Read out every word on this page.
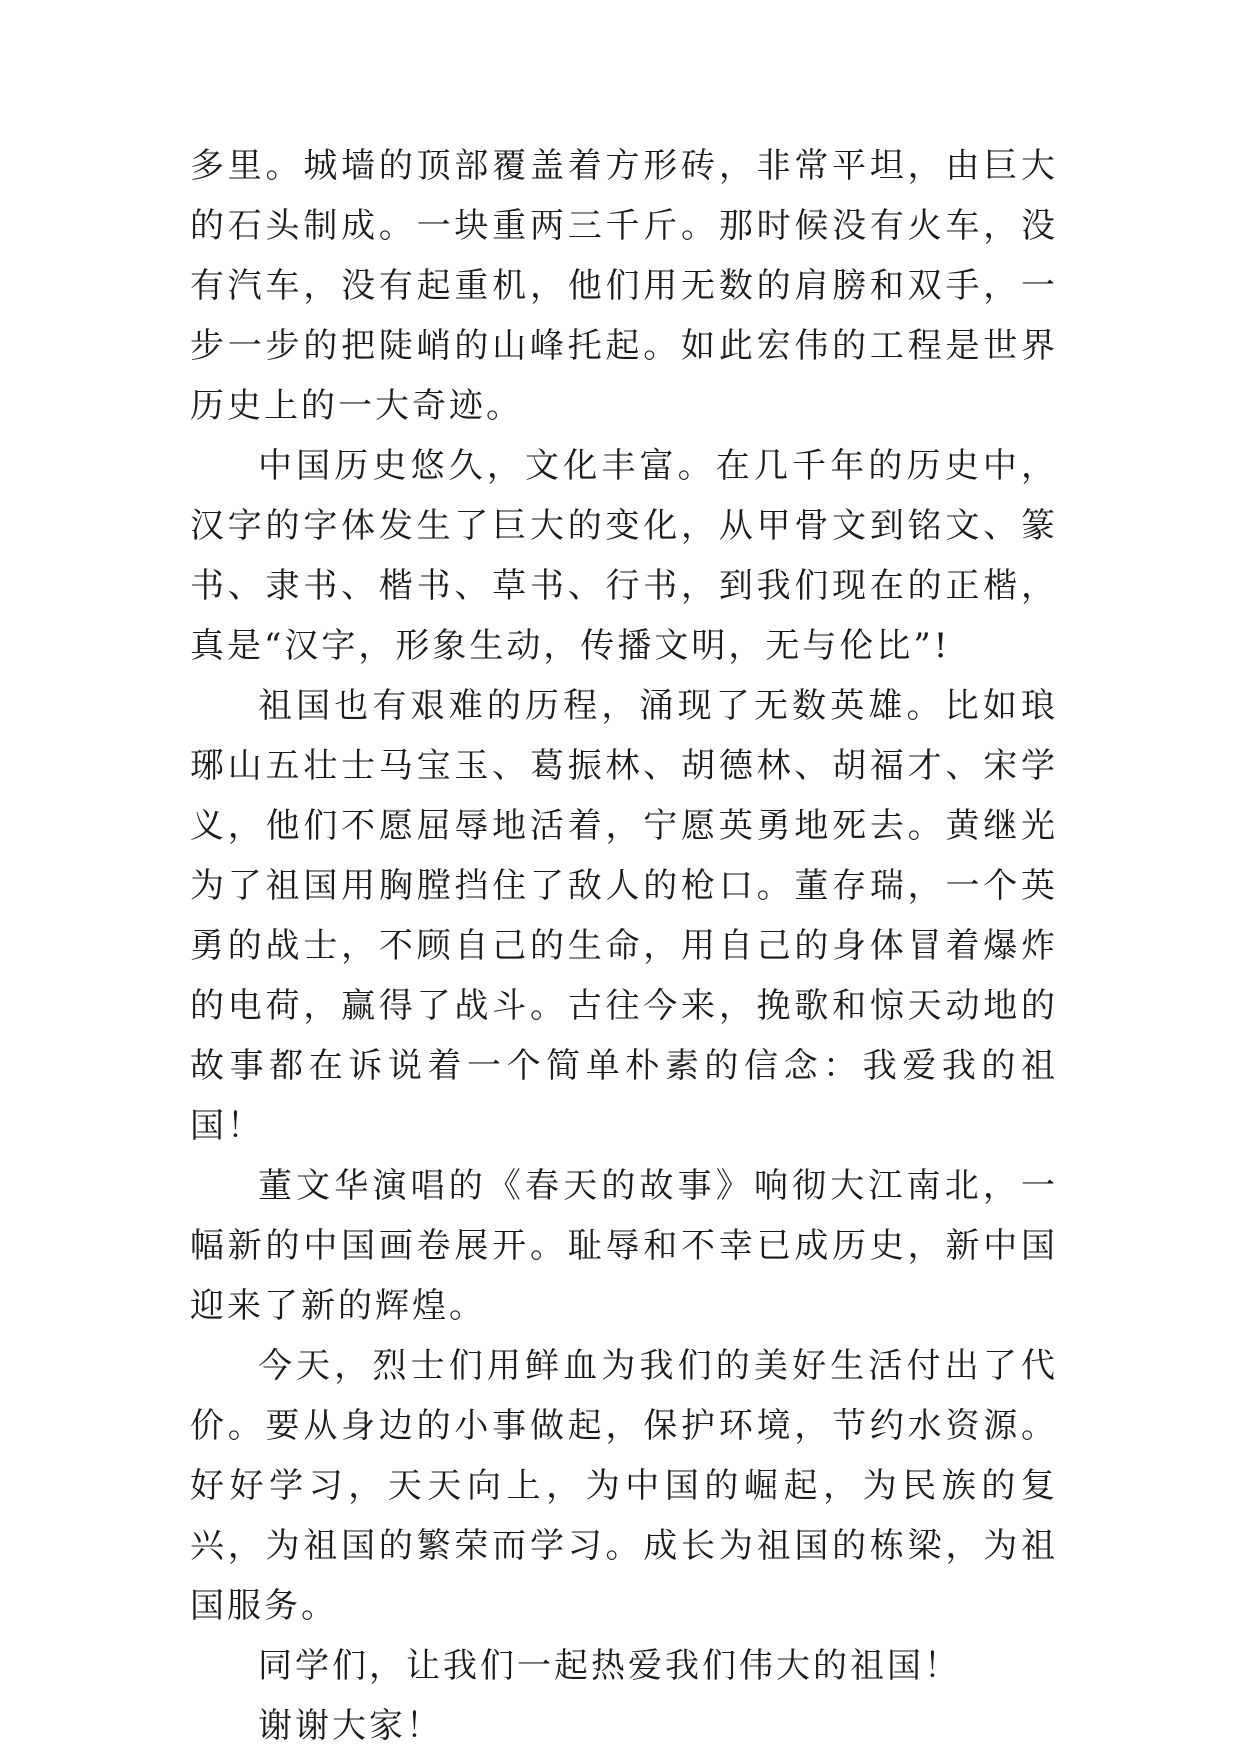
多里。城墙的顶部覆盖着方形砖，非常平坦，由巨大的石头制成。一块重两三千斤。那时候没有火车，没有汽车，没有起重机，他们用无数的肩膀和双手，一步一步的把陡峭的山峰托起。如此宏伟的工程是世界历史上的一大奇迹。

中国历史悠久，文化丰富。在几千年的历史中，汉字的字体发生了巨大的变化，从甲骨文到铭文、篆书、隶书、楷书、草书、行书，到我们现在的正楷，真是“汉字，形象生动，传播文明，无与伦比”!

祖国也有艰难的历程，涌现了无数英雄。比如琅琊山五壮士马宝玉、葛振林、胡德林、胡福才、宋学义，他们不愿屈辱地活着，宁愿英勇地死去。黄继光为了祖国用胸膛挡住了敌人的枪口。董存瑞，一个英勇的战士，不顾自己的生命，用自己的身体冒着爆炸的电荷，赢得了战斗。古往今来，挽歌和惊天动地的故事都在诉说着一个简单朴素的信念：我爱我的祖国！

董文华演唱的《春天的故事》响彻大江南北，一幅新的中国画卷展开。耻辱和不幸已成历史，新中国迎来了新的辉煌。

今天，烈士们用鲜血为我们的美好生活付出了代价。要从身边的小事做起，保护环境，节约水资源。好好学习，天天向上，为中国的崛起，为民族的复兴，为祖国的繁荣而学习。成长为祖国的栋梁，为祖国服务。

同学们，让我们一起热爱我们伟大的祖国！

谢谢大家！
